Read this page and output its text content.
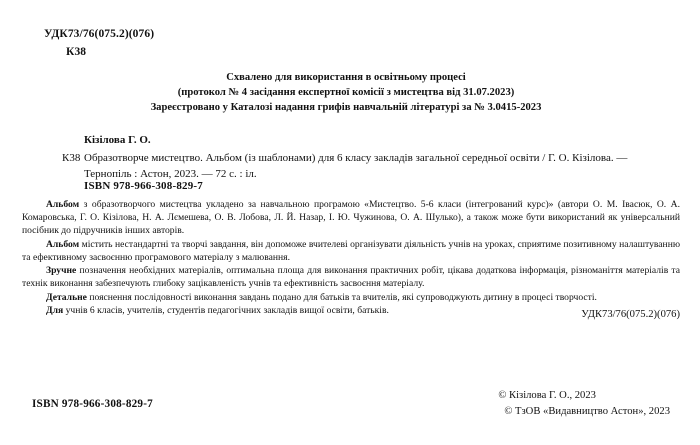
УДК73/76(075.2)(076)
К38
Схвалено для використання в освітньому процесі
(протокол № 4 засідання експертної комісії з мистецтва від 31.07.2023)
Зареєстровано у Каталозі надання грифів навчальній літературі за № 3.0415-2023
Кізілова Г. О.
К38 Образотворче мистецтво. Альбом (із шаблонами) для 6 класу закладів загальної середньої освіти / Г. О. Кізілова. —
Тернопіль : Астон, 2023. — 72 с. : іл.
ISBN 978-966-308-829-7

Альбом з образотворчого мистецтва укладено за навчальною програмою «Мистецтво. 5-6 класи (інтегрований курс)» (автори О. М. Івасюк, О. А. Комаровська, Г. О. Кізілова, Н. А. Лємешева, О. В. Лобова, Л. Й. Назар, І. Ю. Чужинова, О. А. Шулько), а також може бути використаний як універсальний посібник до підручників інших авторів.

Альбом містить нестандартні та творчі завдання, він допоможе вчителеві організувати діяльність учнів на уроках, сприятиме позитивному налаштуванню та ефективному засвоєнню програмового матеріалу з малювання.

Зручне позначення необхідних матеріалів, оптимальна площа для виконання практичних робіт, цікава додаткова інформація, різноманіття матеріалів та технік виконання забезпечують глибоку зацікавленість учнів та ефективність засвоєння матеріалу.

Детальне пояснення послідовності виконання завдань подано для батьків та вчителів, які супроводжують дитину в процесі творчості.

Для учнів 6 класів, учителів, студентів педагогічних закладів вищої освіти, батьків.	УДК73/76(075.2)(076)
ISBN 978-966-308-829-7
© Кізілова Г. О., 2023
© ТзОВ «Видавництво Астон», 2023
